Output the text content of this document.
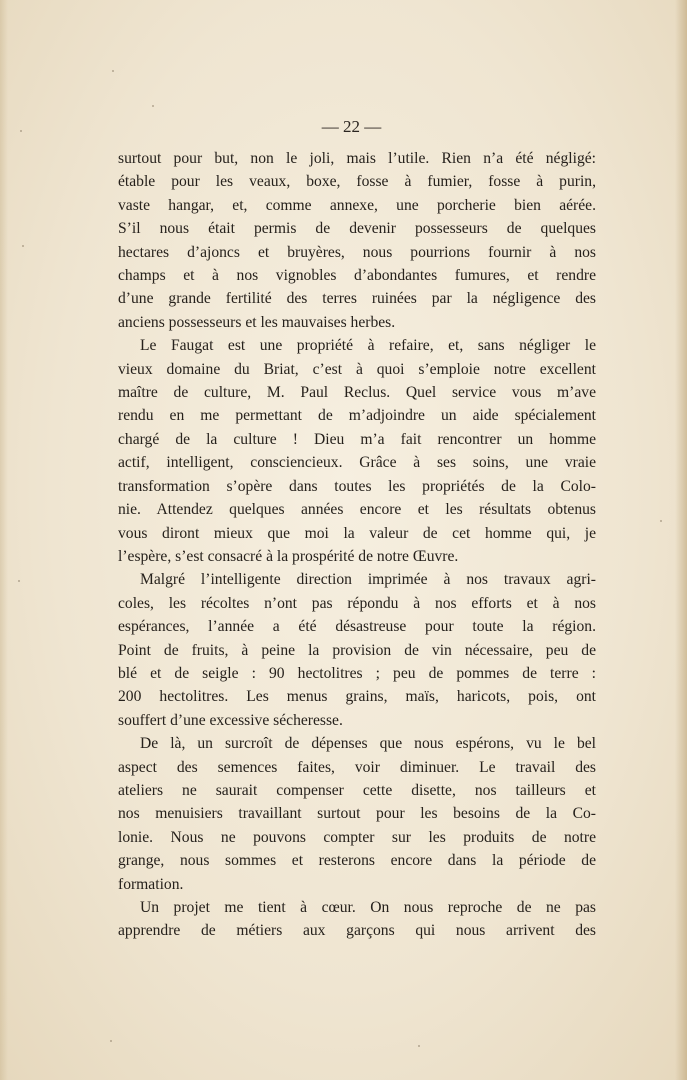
— 22 —
surtout pour but, non le joli, mais l’utile. Rien n’a été négligé:
étable pour les veaux, boxe, fosse à fumier, fosse à purin,
vaste hangar, et, comme annexe, une porcherie bien aérée.
S’il nous était permis de devenir possesseurs de quelques
hectares d’ajoncs et bruyères, nous pourrions fournir à nos
champs et à nos vignobles d’abondantes fumures, et rendre
d’une grande fertilité des terres ruinées par la négligence des
anciens possesseurs et les mauvaises herbes.
Le Faugat est une propriété à refaire, et, sans négliger le
vieux domaine du Briat, c’est à quoi s’emploie notre excellent
maître de culture, M. Paul Reclus. Quel service vous m’ave
rendu en me permettant de m’adjoindre un aide spécialement
chargé de la culture ! Dieu m’a fait rencontrer un homme
actif, intelligent, consciencieux. Grâce à ses soins, une vraie
transformation s’opère dans toutes les propriétés de la Colo-
nie. Attendez quelques années encore et les résultats obtenus
vous diront mieux que moi la valeur de cet homme qui, je
l’espère, s’est consacré à la prospérité de notre Œuvre.
Malgré l’intelligente direction imprimée à nos travaux agri-
coles, les récoltes n’ont pas répondu à nos efforts et à nos
espérances, l’année a été désastreuse pour toute la région.
Point de fruits, à peine la provision de vin nécessaire, peu de
blé et de seigle : 90 hectolitres ; peu de pommes de terre :
200 hectolitres. Les menus grains, maïs, haricots, pois, ont
souffert d’une excessive sécheresse.
De là, un surcroît de dépenses que nous espérons, vu le bel
aspect des semences faites, voir diminuer. Le travail des
ateliers ne saurait compenser cette disette, nos tailleurs et
nos menuisiers travaillant surtout pour les besoins de la Co-
lonie. Nous ne pouvons compter sur les produits de notre
grange, nous sommes et resterons encore dans la période de
formation.
Un projet me tient à cœur. On nous reproche de ne pas
apprendre de métiers aux garçons qui nous arrivent des
